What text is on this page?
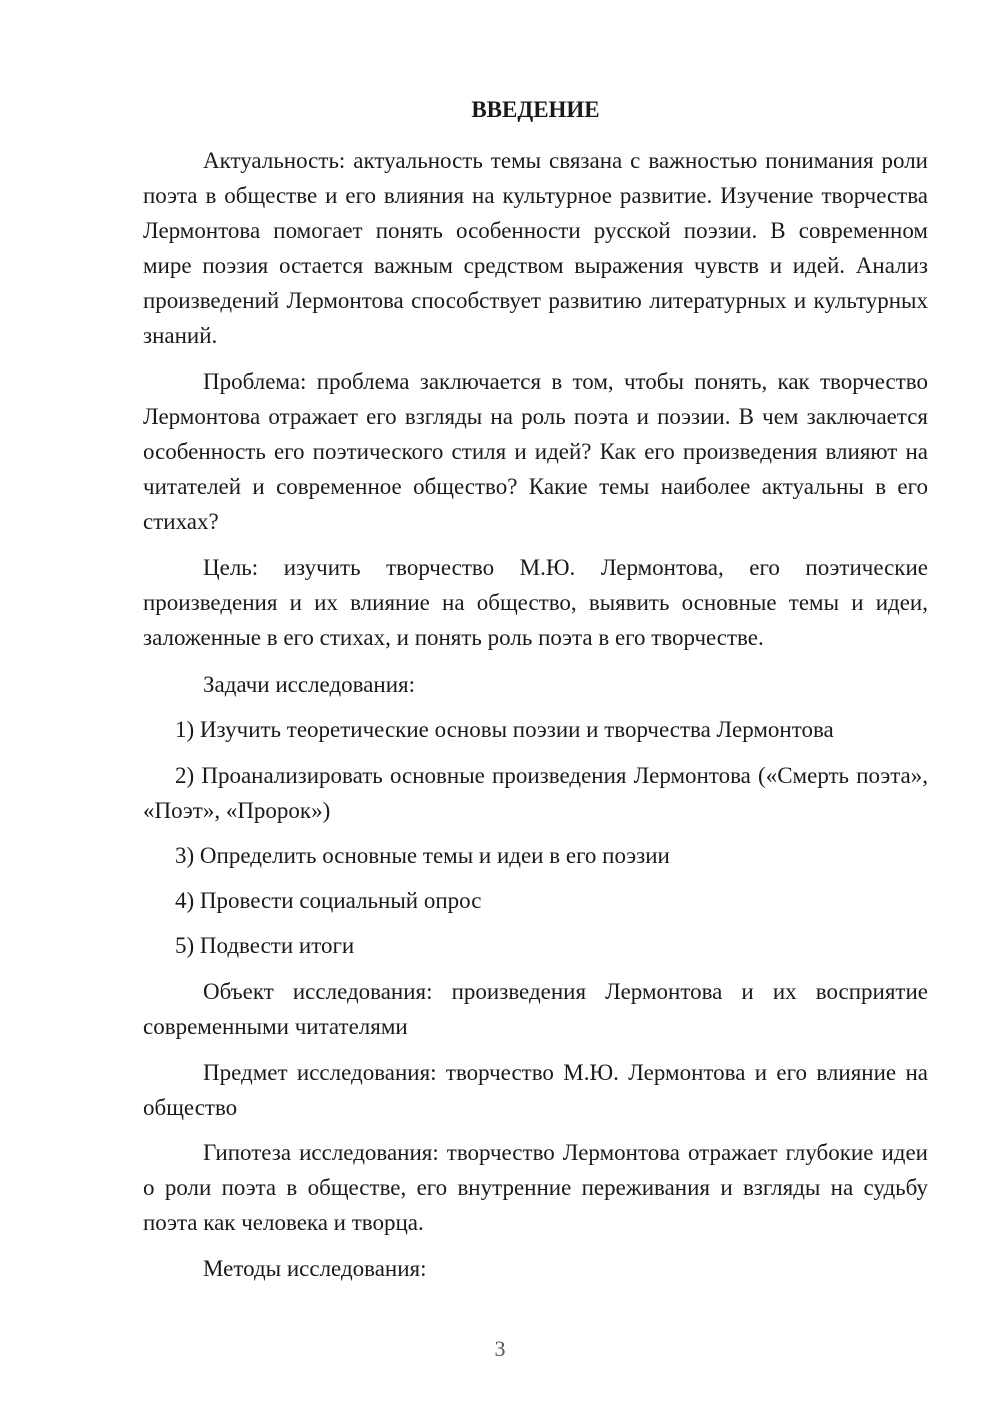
ВВЕДЕНИЕ

Актуальность: актуальность темы связана с важностью понимания роли поэта в обществе и его влияния на культурное развитие. Изучение творчества Лермонтова помогает понять особенности русской поэзии. В современном мире поэзия остается важным средством выражения чувств и идей. Анализ произведений Лермонтова способствует развитию литературных и культурных знаний.

Проблема: проблема заключается в том, чтобы понять, как творчество Лермонтова отражает его взгляды на роль поэта и поэзии. В чем заключается особенность его поэтического стиля и идей? Как его произведения влияют на читателей и современное общество? Какие темы наиболее актуальны в его стихах?

Цель: изучить творчество М.Ю. Лермонтова, его поэтические произведения и их влияние на общество, выявить основные темы и идеи, заложенные в его стихах, и понять роль поэта в его творчестве.

Задачи исследования:

1) Изучить теоретические основы поэзии и творчества Лермонтова

2) Проанализировать основные произведения Лермонтова («Смерть поэта», «Поэт», «Пророк»)

3) Определить основные темы и идеи в его поэзии

4) Провести социальный опрос

5) Подвести итоги

Объект исследования: произведения Лермонтова и их восприятие современными читателями

Предмет исследования: творчество М.Ю. Лермонтова и его влияние на общество

Гипотеза исследования: творчество Лермонтова отражает глубокие идеи о роли поэта в обществе, его внутренние переживания и взгляды на судьбу поэта как человека и творца.

Методы исследования:

3
